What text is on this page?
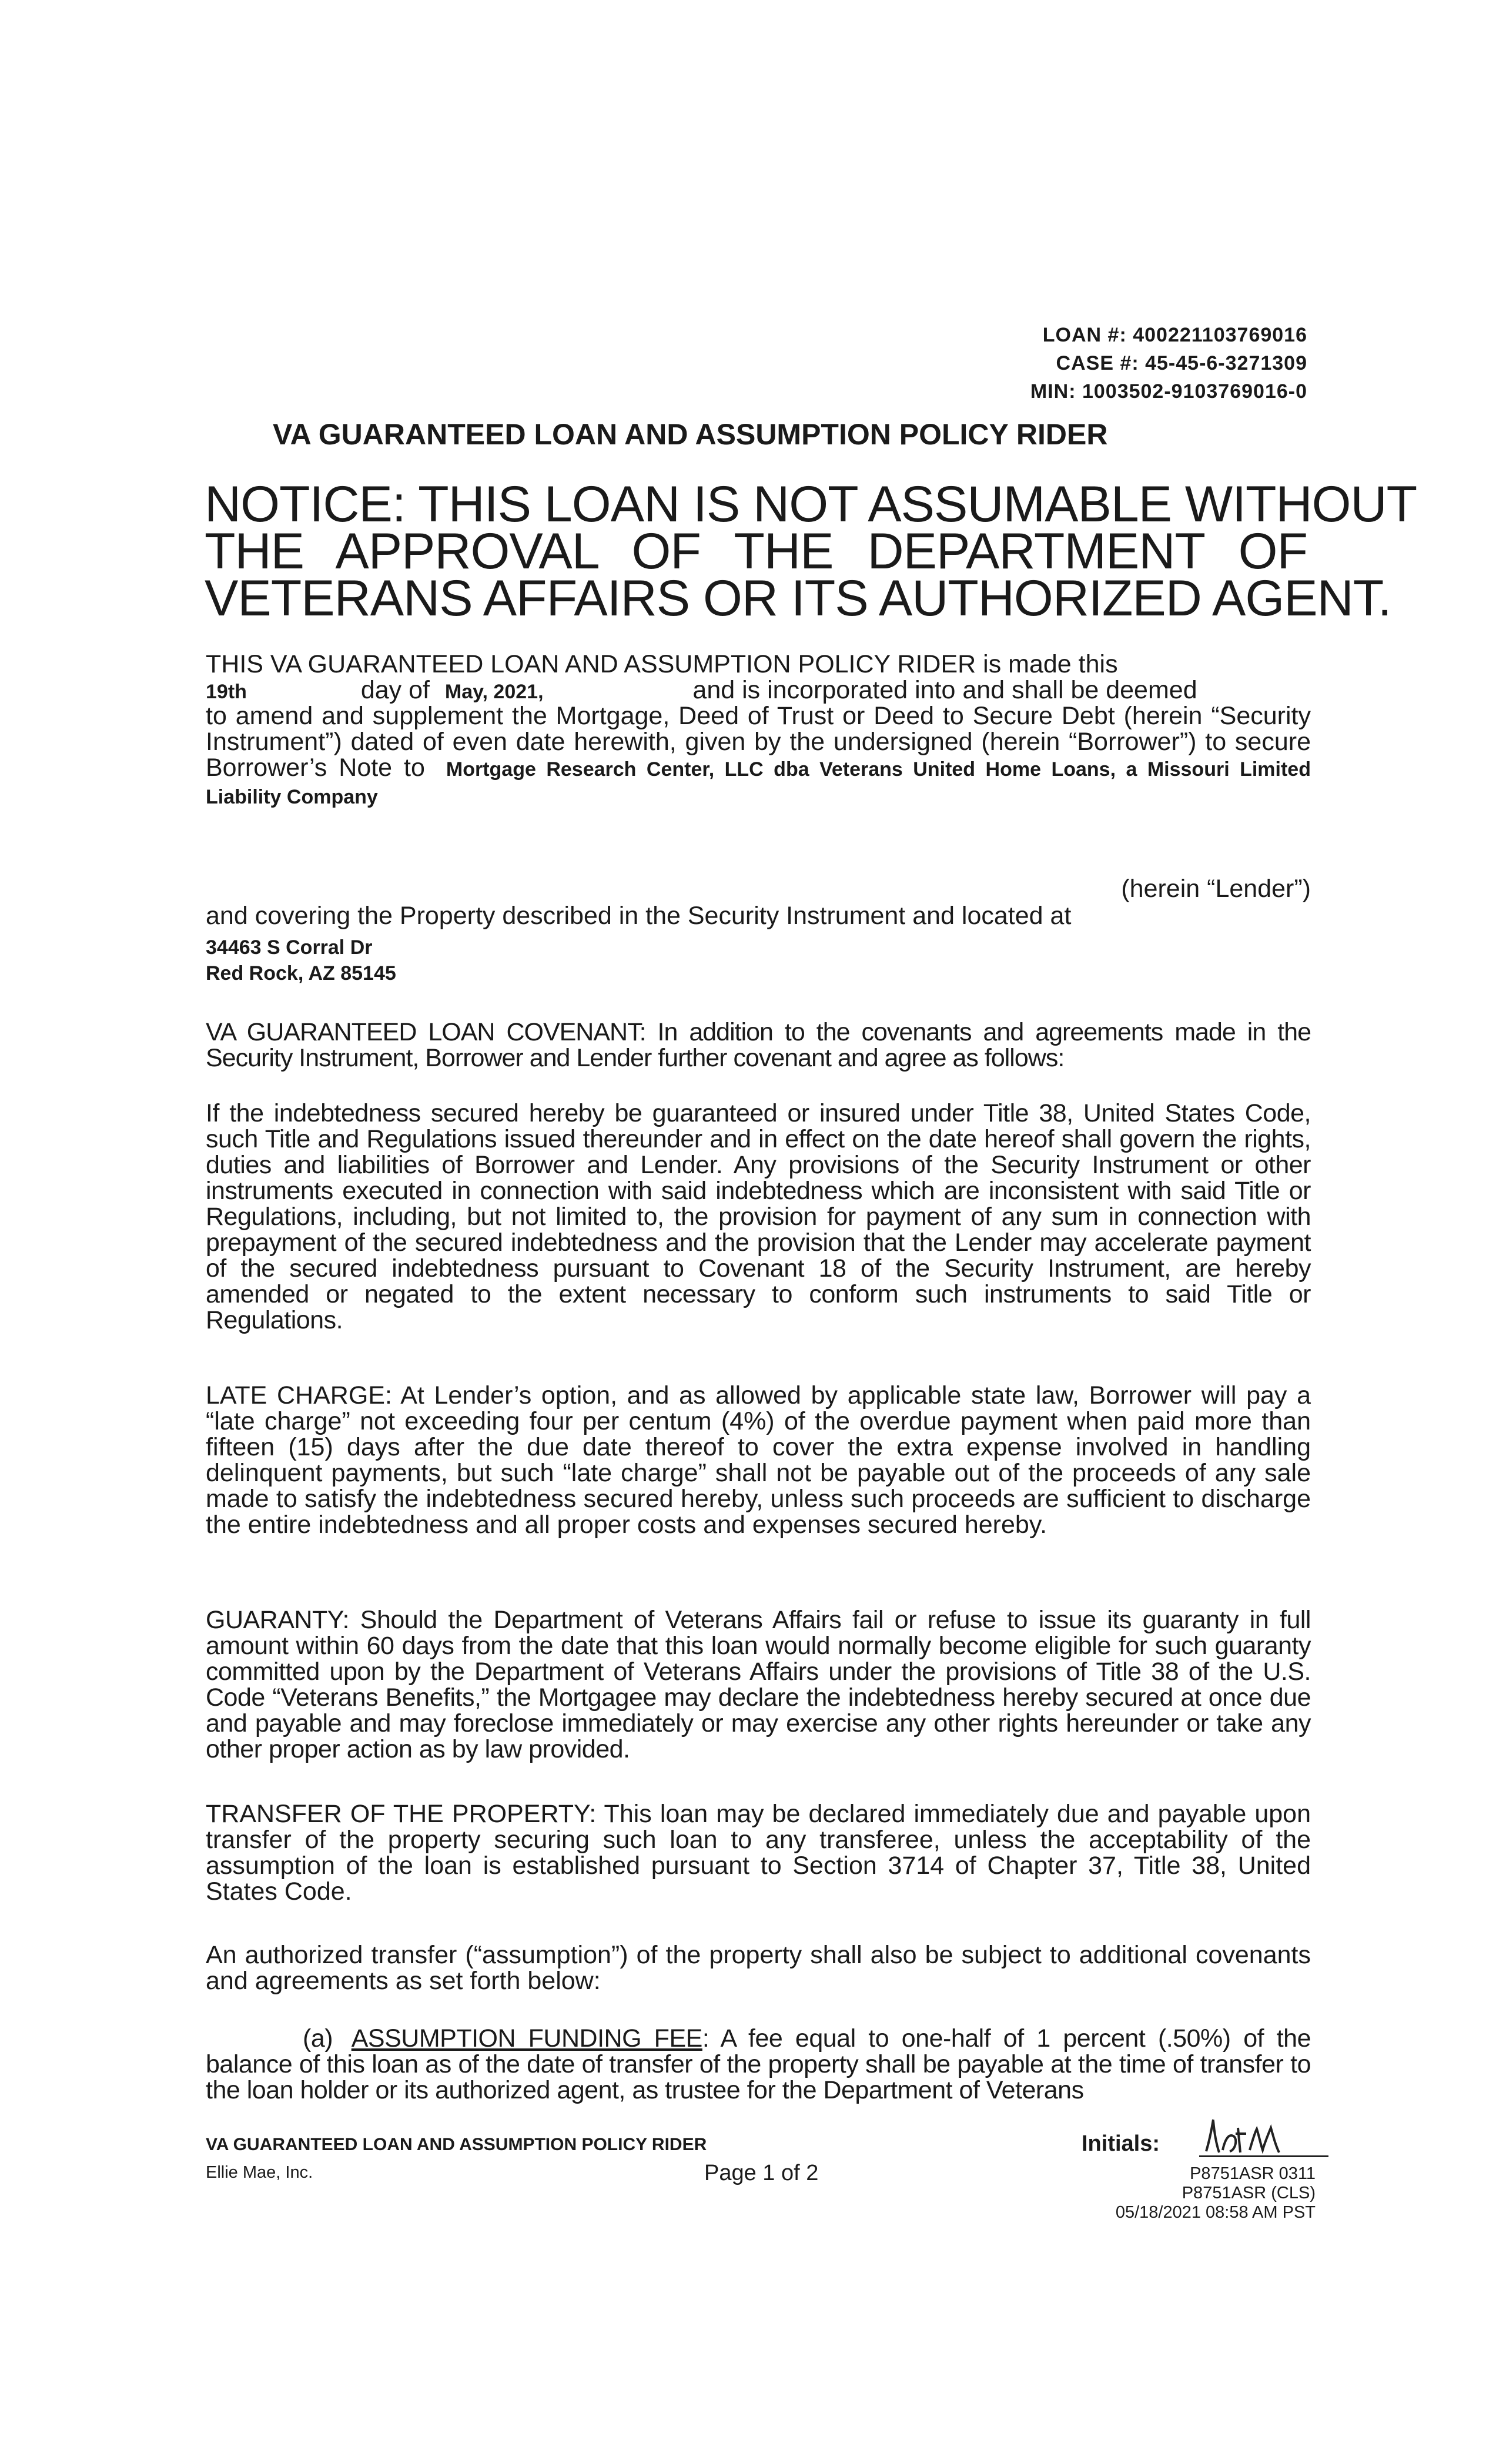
LOAN #: 400221103769016
CASE #: 45-45-6-3271309
MIN: 1003502-9103769016-0
VA GUARANTEED LOAN AND ASSUMPTION POLICY RIDER
NOTICE: THIS LOAN IS NOT ASSUMABLE WITHOUT
THE APPROVAL OF THE DEPARTMENT OF
VETERANS AFFAIRS OR ITS AUTHORIZED AGENT.
THIS VA GUARANTEED LOAN AND ASSUMPTION POLICY RIDER is made this
19th	day of May, 2021,	and is incorporated into and shall be deemed
to amend and supplement the Mortgage, Deed of Trust or Deed to Secure Debt (herein “Security Instrument”) dated of even date herewith, given by the undersigned (herein “Borrower”) to secure Borrower’s Note to Mortgage Research Center, LLC dba Veterans United Home Loans, a Missouri Limited Liability Company
(herein “Lender”)
and covering the Property described in the Security Instrument and located at
34463 S Corral Dr
Red Rock, AZ 85145
VA GUARANTEED LOAN COVENANT: In addition to the covenants and agreements made in the Security Instrument, Borrower and Lender further covenant and agree as follows:
If the indebtedness secured hereby be guaranteed or insured under Title 38, United States Code, such Title and Regulations issued thereunder and in effect on the date hereof shall govern the rights, duties and liabilities of Borrower and Lender. Any provisions of the Security Instrument or other instruments executed in connection with said indebtedness which are inconsistent with said Title or Regulations, including, but not limited to, the provision for payment of any sum in connection with prepayment of the secured indebtedness and the provision that the Lender may accelerate payment of the secured indebtedness pursuant to Covenant 18 of the Security Instrument, are hereby amended or negated to the extent necessary to conform such instruments to said Title or Regulations.
LATE CHARGE: At Lender’s option, and as allowed by applicable state law, Borrower will pay a “late charge” not exceeding four per centum (4%) of the overdue payment when paid more than fifteen (15) days after the due date thereof to cover the extra expense involved in handling delinquent payments, but such “late charge” shall not be payable out of the proceeds of any sale made to satisfy the indebtedness secured hereby, unless such proceeds are sufficient to discharge the entire indebtedness and all proper costs and expenses secured hereby.
GUARANTY: Should the Department of Veterans Affairs fail or refuse to issue its guaranty in full amount within 60 days from the date that this loan would normally become eligible for such guaranty committed upon by the Department of Veterans Affairs under the provisions of Title 38 of the U.S. Code “Veterans Benefits,” the Mortgagee may declare the indebtedness hereby secured at once due and payable and may foreclose immediately or may exercise any other rights hereunder or take any other proper action as by law provided.
TRANSFER OF THE PROPERTY: This loan may be declared immediately due and payable upon transfer of the property securing such loan to any transferee, unless the acceptability of the assumption of the loan is established pursuant to Section 3714 of Chapter 37, Title 38, United States Code.
An authorized transfer (“assumption”) of the property shall also be subject to additional covenants and agreements as set forth below:
(a) ASSUMPTION FUNDING FEE: A fee equal to one-half of 1 percent (.50%) of the balance of this loan as of the date of transfer of the property shall be payable at the time of transfer to the loan holder or its authorized agent, as trustee for the Department of Veterans
VA GUARANTEED LOAN AND ASSUMPTION POLICY RIDER
Ellie Mae, Inc.	Page 1 of 2
Initials:
P8751ASR 0311
P8751ASR (CLS)
05/18/2021 08:58 AM PST
